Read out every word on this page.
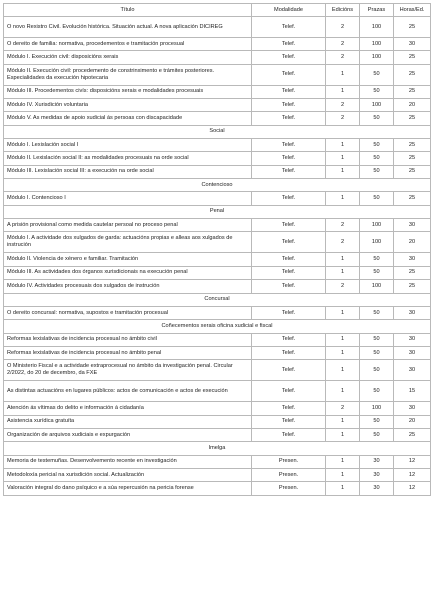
Título	Modalidade	Edicións	Prazas	Horas/Ed.
O novo Rexistro Civil. Evolución histórica. Situación actual. A nova aplicación DICIREG	Telef.	2	100	25
O dereito de familia: normativa, procedementos e tramitación procesual	Telef.	2	100	30
Módulo I. Execución civil: disposicións xerais	Telef.	2	100	25
Módulo II. Execución civil: procedemento de constrinximento e trámites posteriores. Especialidades da execución hipotecaria	Telef.	1	50	25
Módulo III. Procedementos civís: disposicións xerais e modalidades procesuais	Telef.	1	50	25
Módulo IV. Xurisdición voluntaria	Telef.	2	100	20
Módulo V. As medidas de apoio xudicial ás persoas con discapacidade	Telef.	2	50	25
Social				
Módulo I. Lexislación social I	Telef.	1	50	25
Módulo II. Lexislación social II: as modalidades procesuais na orde social	Telef.	1	50	25
Módulo III. Lexislación social III: a execución na orde social	Telef.	1	50	25
Contencioso				
Módulo I. Contencioso I	Telef.	1	50	25
Penal				
A prisión provisional como medida cautelar persoal no proceso penal	Telef.	2	100	30
Módulo I. A actividade dos xulgados de garda: actuacións propias e alleas aos xulgados de instrución	Telef.	2	100	20
Módulo II. Violencia de xénero e familiar. Tramitación	Telef.	1	50	30
Módulo III. As actividades dos órganos xurisdicionais na execución penal	Telef.	1	50	25
Módulo IV. Actividades procesuais dos xulgados de instrución	Telef.	2	100	25
Concursal				
O dereito concursal: normativa, supostos e tramitación procesual	Telef.	1	50	30
Coñecementos xerais oficina xudicial e fiscal				
Reformas lexislativas de incidencia procesual no ámbito civil	Telef.	1	50	30
Reformas lexislativas de incidencia procesual no ámbito penal	Telef.	1	50	30
O Ministerio Fiscal e a actividade extraprocesual no ámbito da investigación penal. Circular 2/2022, do 20 de decembro, da FXE	Telef.	1	50	30
As distintas actuacións en lugares públicos: actos de comunicación e actos de execución	Telef.	1	50	15
Atención ás vítimas do delito e información á cidadanía	Telef.	2	100	30
Asistencia xurídica gratuíta	Telef.	1	50	20
Organización de arquivos xudiciais e expurgación	Telef.	1	50	25
Imelga				
Memoria de testemuñas. Desenvolvemento recente en investigación	Presen.	1	30	12
Metodoloxía pericial na xurisdición social. Actualización	Presen.	1	30	12
Valoración integral do dano psíquico e a súa repercusión na pericia forense	Presen.	1	30	12
